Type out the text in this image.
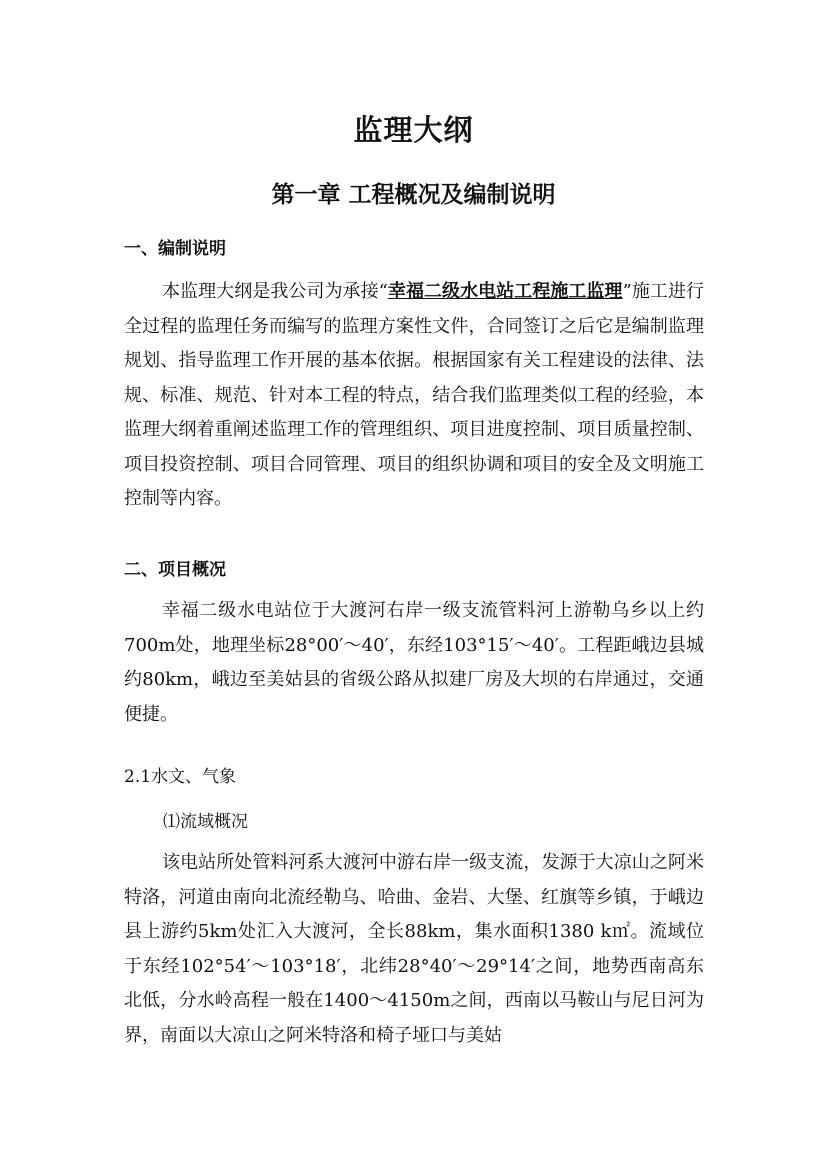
监理大纲
第一章 工程概况及编制说明
一、编制说明

本监理大纲是我公司为承接“幸福二级水电站工程施工监理”施工进行全过程的监理任务而编写的监理方案性文件，合同签订之后它是编制监理规划、指导监理工作开展的基本依据。根据国家有关工程建设的法律、法规、标准、规范、针对本工程的特点，结合我们监理类似工程的经验，本监理大纲着重阐述监理工作的管理组织、项目进度控制、项目质量控制、项目投资控制、项目合同管理、项目的组织协调和项目的安全及文明施工控制等内容。

二、项目概况

幸福二级水电站位于大渡河右岸一级支流管料河上游勒乌乡以上约700m处，地理坐标28°00′～40′，东经103°15′～40′。工程距峨边县城约80km，峨边至美姑县的省级公路从拟建厂房及大坝的右岸通过，交通便捷。

2.1水文、气象
⑴流域概况

该电站所处管料河系大渡河中游右岸一级支流，发源于大凉山之阿米特洛，河道由南向北流经勒乌、哈曲、金岩、大堡、红旗等乡镇，于峨边县上游约5km处汇入大渡河，全长88km，集水面积1380 k㎡。流域位于东经102°54′～103°18′，北纬28°40′～29°14′之间，地势西南高东北低，分水岭高程一般在1400～4150m之间，西南以马鞍山与尼日河为界，南面以大凉山之阿米特洛和椅子垭口与美姑
